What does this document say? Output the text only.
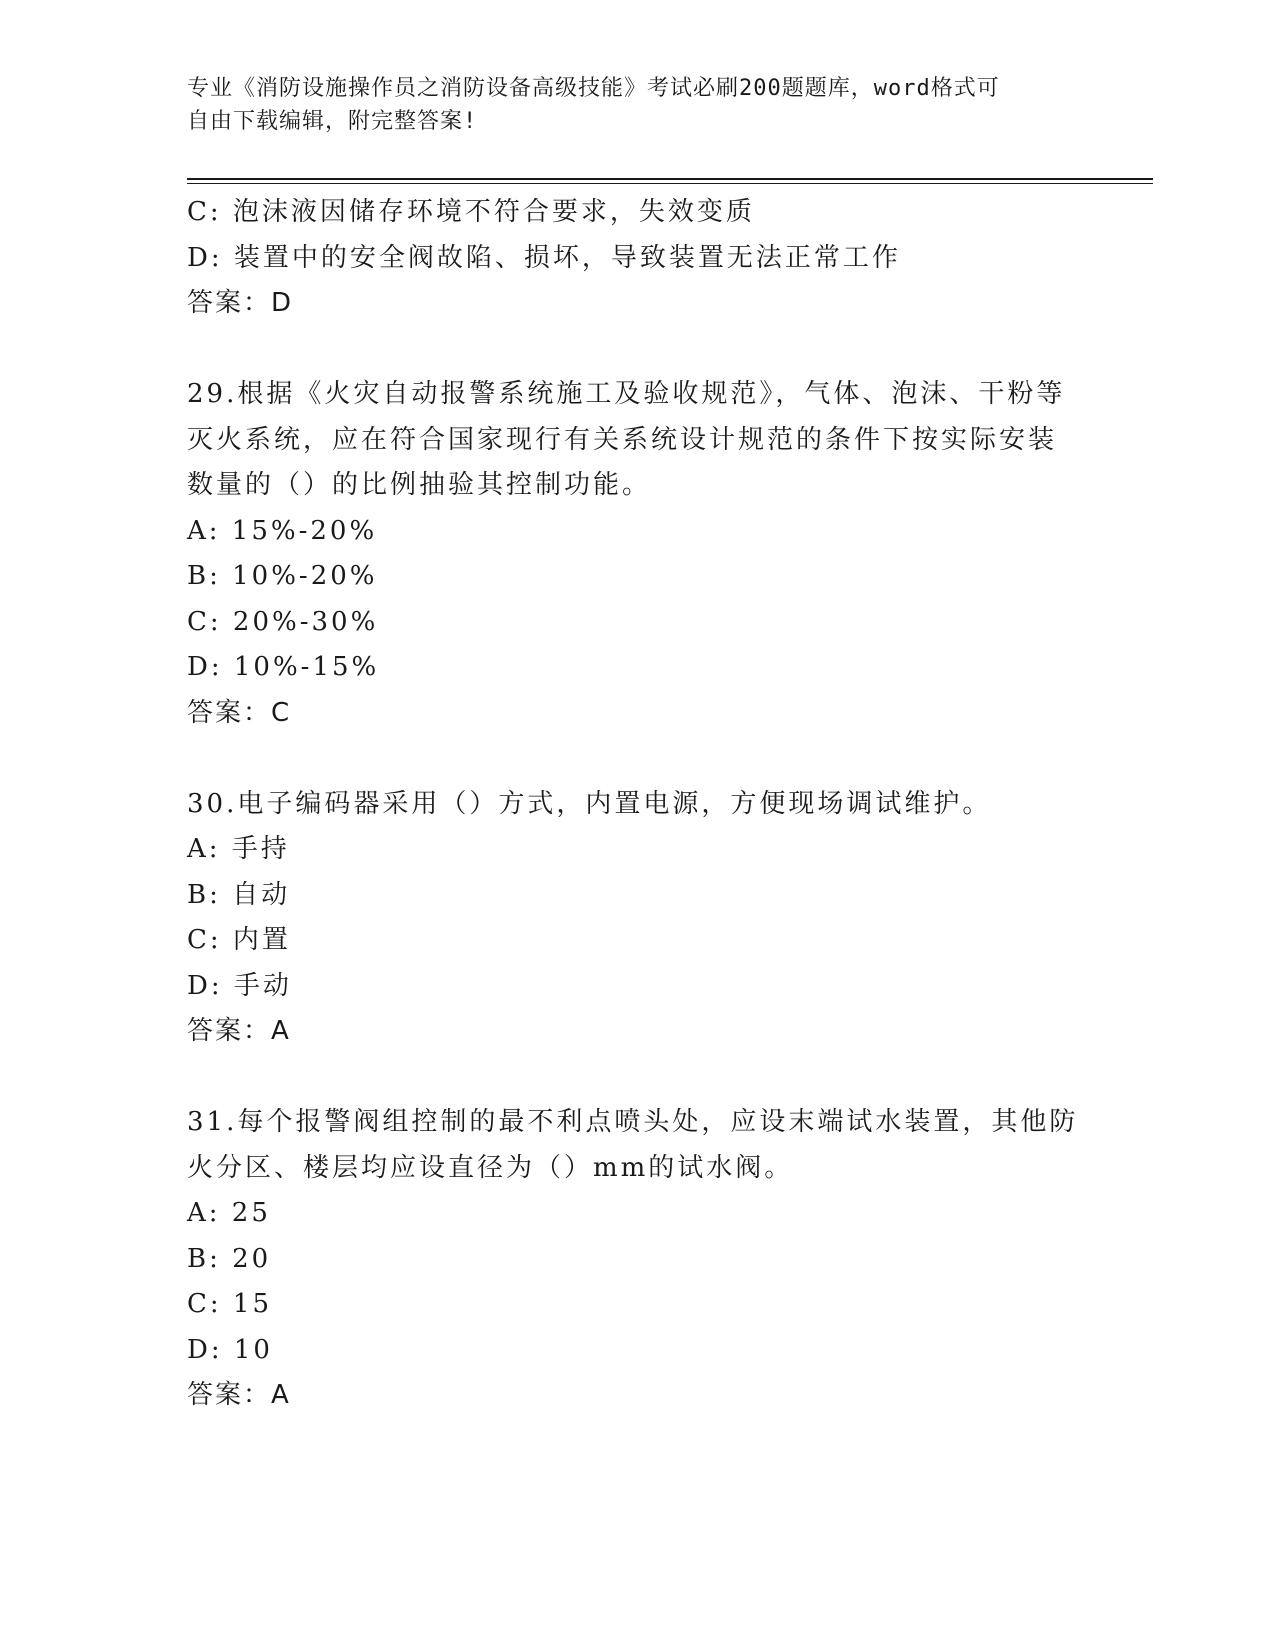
专业《消防设施操作员之消防设备高级技能》考试必刷200题题库，word格式可
自由下载编辑，附完整答案!
C: 泡沫液因储存环境不符合要求，失效变质
D: 装置中的安全阀故陷、损坏，导致装置无法正常工作
答案：D
29.根据《火灾自动报警系统施工及验收规范》，气体、泡沫、干粉等
灭火系统，应在符合国家现行有关系统设计规范的条件下按实际安装
数量的（）的比例抽验其控制功能。
A: 15%-20%
B: 10%-20%
C: 20%-30%
D: 10%-15%
答案：C
30.电子编码器采用（）方式，内置电源，方便现场调试维护。
A: 手持
B: 自动
C: 内置
D: 手动
答案：A
31.每个报警阀组控制的最不利点喷头处，应设末端试水装置，其他防
火分区、楼层均应设直径为（）mm的试水阀。
A: 25
B: 20
C: 15
D: 10
答案：A
